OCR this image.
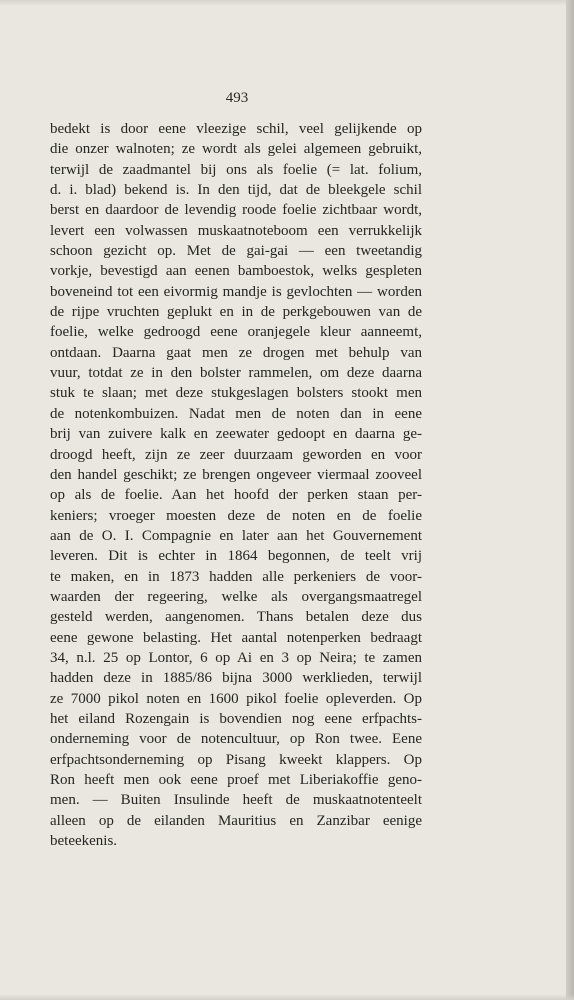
493
bedekt is door eene vleezige schil, veel gelijkende op
die onzer walnoten; ze wordt als gelei algemeen gebruikt,
terwijl de zaadmantel bij ons als foelie (= lat. folium,
d. i. blad) bekend is. In den tijd, dat de bleekgele schil
berst en daardoor de levendig roode foelie zichtbaar wordt,
levert een volwassen muskaatnoteboom een verrukkelijk
schoon gezicht op. Met de gai-gai — een tweetandig
vorkje, bevestigd aan eenen bamboestok, welks gespleten
boveneind tot een eivormig mandje is gevlochten — worden
de rijpe vruchten geplukt en in de perkgebouwen van de
foelie, welke gedroogd eene oranjegele kleur aanneemt,
ontdaan. Daarna gaat men ze drogen met behulp van
vuur, totdat ze in den bolster rammelen, om deze daarna
stuk te slaan; met deze stukgeslagen bolsters stookt men
de notenkombuizen. Nadat men de noten dan in eene
brij van zuivere kalk en zeewater gedoopt en daarna ge-
droogd heeft, zijn ze zeer duurzaam geworden en voor
den handel geschikt; ze brengen ongeveer viermaal zooveel
op als de foelie. Aan het hoofd der perken staan per-
keniers; vroeger moesten deze de noten en de foelie
aan de O. I. Compagnie en later aan het Gouvernement
leveren. Dit is echter in 1864 begonnen, de teelt vrij
te maken, en in 1873 hadden alle perkeniers de voor-
waarden der regeering, welke als overgangsmaatregel
gesteld werden, aangenomen. Thans betalen deze dus
eene gewone belasting. Het aantal notenperken bedraagt
34, n.l. 25 op Lontor, 6 op Ai en 3 op Neira; te zamen
hadden deze in 1885/86 bijna 3000 werklieden, terwijl
ze 7000 pikol noten en 1600 pikol foelie opleverden. Op
het eiland Rozengain is bovendien nog eene erfpachts-
onderneming voor de notencultuur, op Ron twee. Eene
erfpachtsonderneming op Pisang kweekt klappers. Op
Ron heeft men ook eene proef met Liberiakoffie geno-
men. — Buiten Insulinde heeft de muskaatnotenteelt
alleen op de eilanden Mauritius en Zanzibar eenige
beteekenis.
